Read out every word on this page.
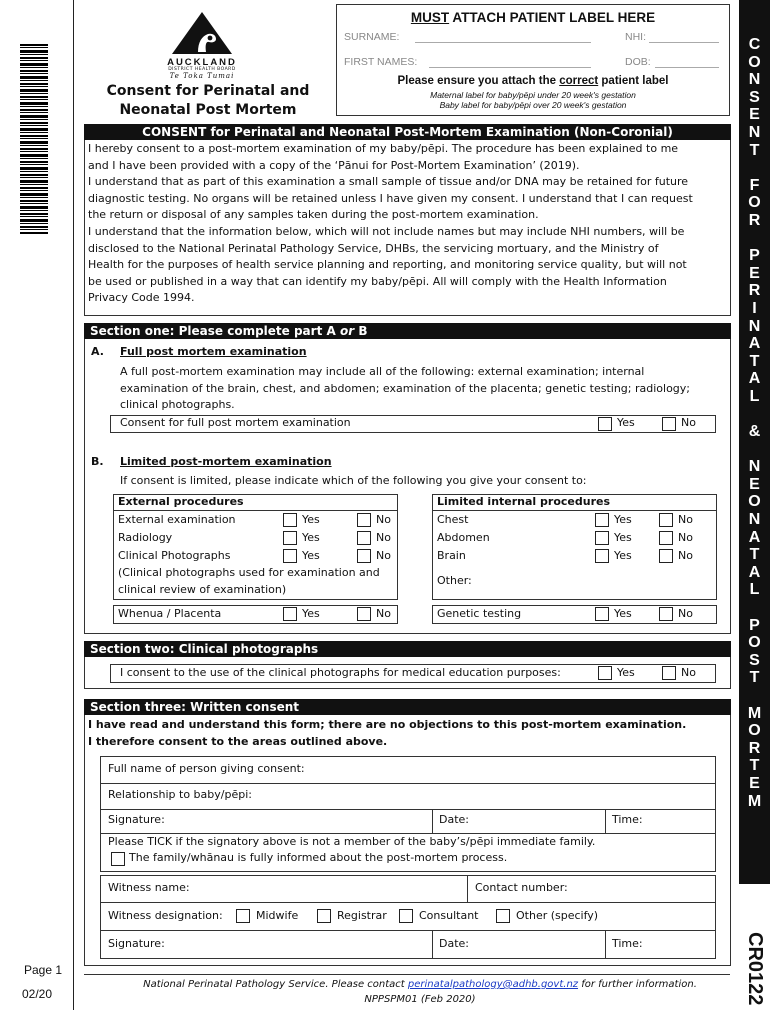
Page 1
02/20
C
O
N
S
E
N
T

F
O
R

P
E
R
I
N
A
T
A
L

&

N
E
O
N
A
T
A
L

P
O
S
T

M
O
R
T
E
M
CR0122
AUCKLAND
DISTRICT HEALTH BOARD
Te Toka Tumai
Consent for Perinatal and
Neonatal Post Mortem
MUST ATTACH PATIENT LABEL HERE
SURNAME:	NHI:
FIRST NAMES:	DOB:
Please ensure you attach the correct patient label
Maternal label for baby/pēpi under 20 week's gestation
Baby label for baby/pēpi over 20 week's gestation
CONSENT for Perinatal and Neonatal Post-Mortem Examination (Non-Coronial)
I hereby consent to a post-mortem examination of my baby/pēpi. The procedure has been explained to me
and I have been provided with a copy of the ‘Pānui for Post-Mortem Examination’ (2019).
I understand that as part of this examination a small sample of tissue and/or DNA may be retained for future
diagnostic testing. No organs will be retained unless I have given my consent. I understand that I can request
the return or disposal of any samples taken during the post-mortem examination.
I understand that the information below, which will not include names but may include NHI numbers, will be
disclosed to the National Perinatal Pathology Service, DHBs, the servicing mortuary, and the Ministry of
Health for the purposes of health service planning and reporting, and monitoring service quality, but will not
be used or published in a way that can identify my baby/pēpi. All will comply with the Health Information
Privacy Code 1994.
Section one: Please complete part A or B
A. Full post mortem examination
A full post-mortem examination may include all of the following: external examination; internal
examination of the brain, chest, and abdomen; examination of the placenta; genetic testing; radiology;
clinical photographs.
Consent for full post mortem examination	Yes	No
B. Limited post-mortem examination
If consent is limited, please indicate which of the following you give your consent to:
External procedures
External examination	Yes	No
Radiology	Yes	No
Clinical Photographs	Yes	No
(Clinical photographs used for examination and
clinical review of examination)
Whenua / Placenta	Yes	No
Limited internal procedures
Chest	Yes	No
Abdomen	Yes	No
Brain	Yes	No
Other:
Genetic testing	Yes	No
Section two: Clinical photographs
I consent to the use of the clinical photographs for medical education purposes:	Yes	No
Section three: Written consent
I have read and understand this form; there are no objections to this post-mortem examination.
I therefore consent to the areas outlined above.
Full name of person giving consent:
Relationship to baby/pēpi:
Signature:	Date:	Time:
Please TICK if the signatory above is not a member of the baby’s/pēpi immediate family.
The family/whānau is fully informed about the post-mortem process.
Witness name:	Contact number:
Witness designation:	Midwife	Registrar	Consultant	Other (specify)
Signature:	Date:	Time:
National Perinatal Pathology Service. Please contact perinatalpathology@adhb.govt.nz for further information.
NPPSPM01 (Feb 2020)
